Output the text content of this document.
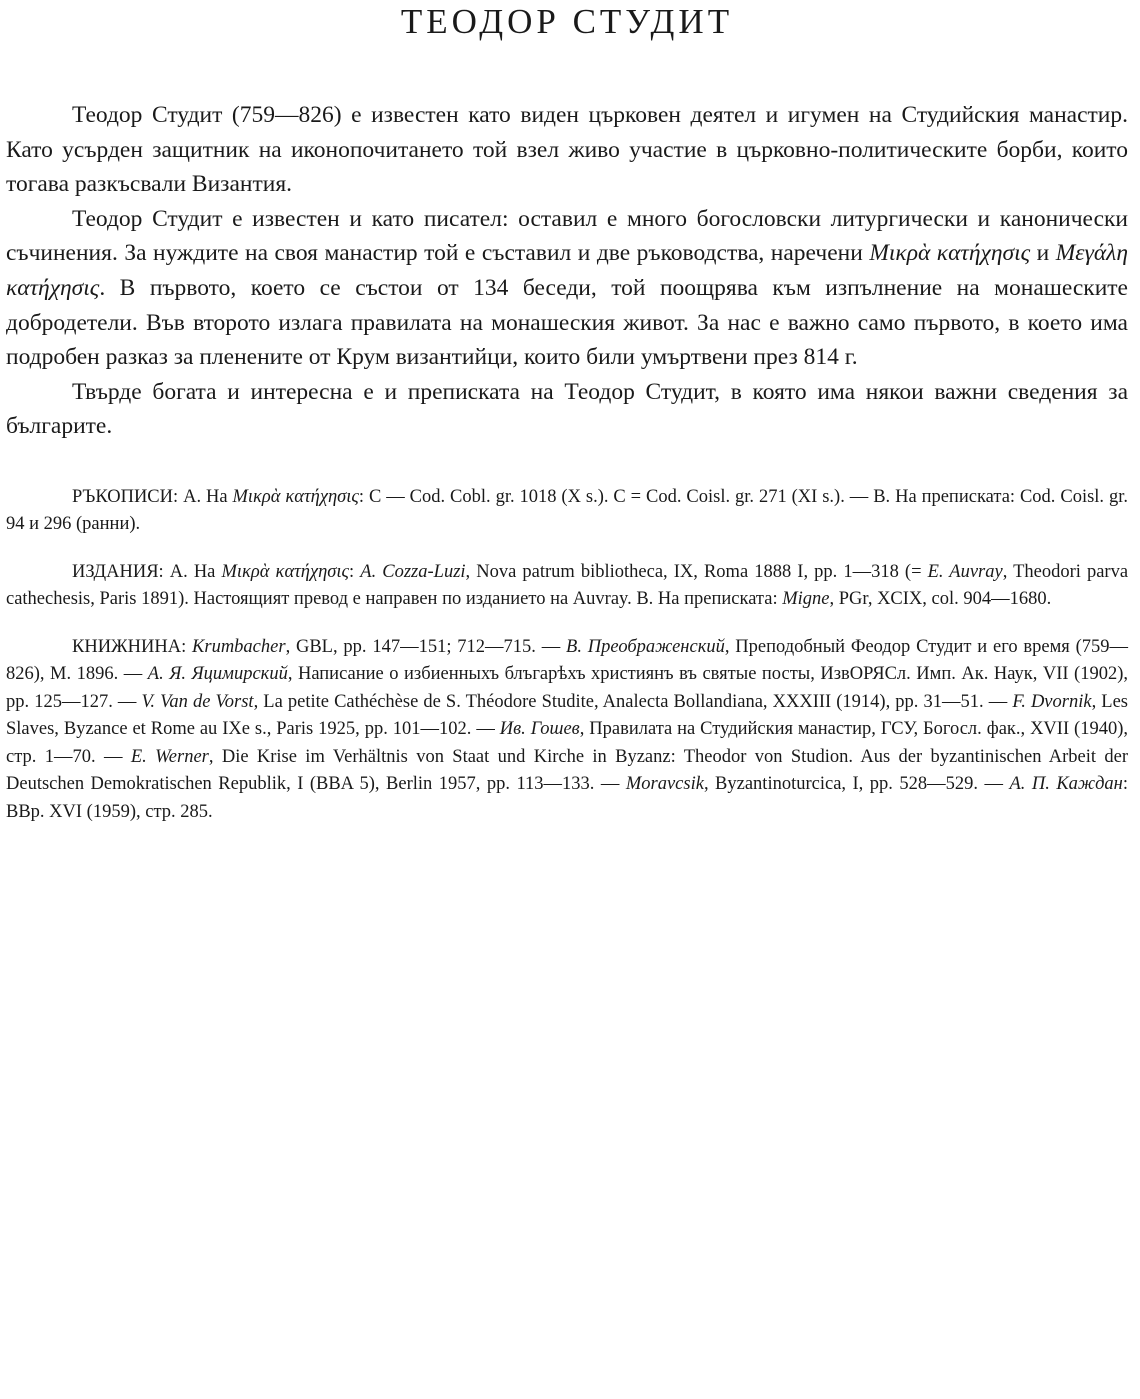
ТЕОДОР СТУДИТ

Теодор Студит (759—826) е известен като виден църковен деятел и игумен на Студийския манастир. Като усърден защитник на иконопочитането той взел живо участие в църковно-политическите борби, които тогава разкъсвали Византия.

Теодор Студит е известен и като писател: оставил е много богословски литургически и канонически съчинения. За нуждите на своя манастир той е съставил и две ръководства, наречени Μικρὰ κατήχησις и Μεγάλη κατήχησις. В първото, което се състои от 134 беседи, той поощрява към изпълнение на монашеските добродетели. Във второто излага правилата на монашеския живот. За нас е важно само първото, в което има подробен разказ за пленените от Крум византийци, които били умъртвени през 814 г.

Твърде богата и интересна е и преписката на Теодор Студит, в която има някои важни сведения за българите.

РЪКОПИСИ: А. На Μικρὰ κατήχησις: C — Cod. Cobl. gr. 1018 (X s.). C = Cod. Coisl. gr. 271 (XI s.). — B. На преписката: Cod. Coisl. gr. 94 и 296 (ранни).

ИЗДАНИЯ: А. На Μικρὰ κατήχησις: A. Cozza-Luzi, Nova patrum bibliotheca, IX, Roma 1888 I, pp. 1—318 (= E. Auvray, Theodori parva cathechesis, Paris 1891). Настоящият превод е направен по изданието на Auvray. В. На преписката: Migne, PGr, XCIX, col. 904—1680.

КНИЖНИНА: Krumbacher, GBL, pp. 147—151; 712—715. — В. Преображенский, Преподобный Феодор Студит и его время (759—826), М. 1896. — А. Я. Яцимирский, Написание о избиенныхъ блъгарѣхъ християнъ въ святые посты, ИзвОРЯСл. Имп. Ак. Наук, VII (1902), pp. 125—127. — V. Van de Vorst, La petite Cathéchèse de S. Théodore Studite, Analecta Bollandiana, XXXIII (1914), pp. 31—51. — F. Dvornik, Les Slaves, Byzance et Rome au IXe s., Paris 1925, pp. 101—102. — Ив. Гошев, Правилата на Студийския манастир, ГСУ, Богосл. фак., XVII (1940), стр. 1—70. — E. Werner, Die Krise im Verhältnis von Staat und Kirche in Byzanz: Theodor von Studion. Aus der byzantinischen Arbeit der Deutschen Demokratischen Republik, I (BBA 5), Berlin 1957, pp. 113—133. — Moravcsik, Byzantinoturcica, I, pp. 528—529. — А. П. Каждан: BBp. XVI (1959), стр. 285.
